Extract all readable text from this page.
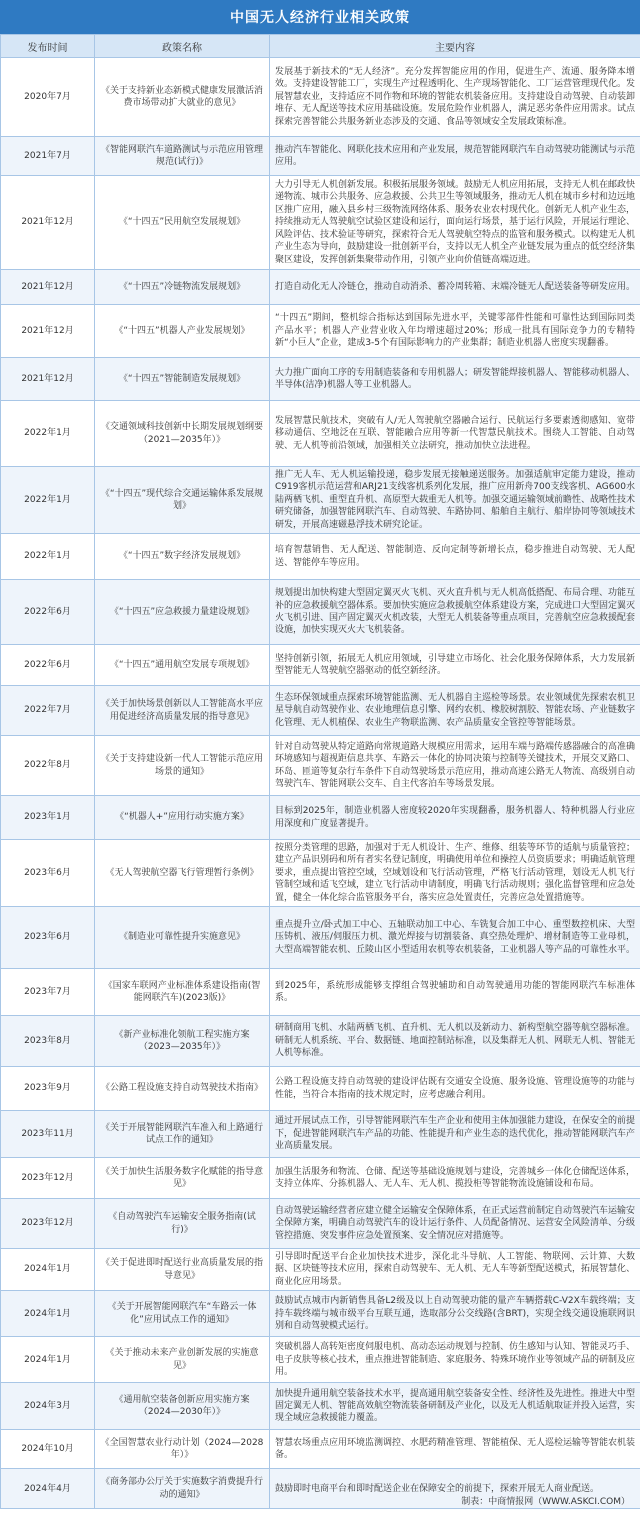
中国无人经济行业相关政策
发布时间	政策名称	主要内容
2020年7月	《关于支持新业态新模式健康发展激活消费市场带动扩大就业的意见》	发展基于新技术的“无人经济”。充分发挥智能应用的作用，促进生产、流通、服务降本增效。支持建设智能工厂，实现生产过程透明化、生产现场智能化、工厂运营管理现代化。发展智慧农业，支持适应不同作物和环境的智能农机装备应用。支持建设自动驾驶、自动装卸堆存、无人配送等技术应用基础设施。发展危险作业机器人，满足恶劣条件应用需求。试点探索完善智能公共服务新业态涉及的交通、食品等领域安全发展政策标准。
2021年7月	《智能网联汽车道路测试与示范应用管理规范(试行)》	推动汽车智能化、网联化技术应用和产业发展，规范智能网联汽车自动驾驶功能测试与示范应用。
2021年12月	《“十四五”民用航空发展规划》	大力引导无人机创新发展。积极拓展服务领域。鼓励无人机应用拓展，支持无人机在邮政快递物流、城市公共服务、应急救援、公共卫生等领域服务，推动无人机在城市乡村和边远地区推广应用，融入县乡村三级物流网络体系、服务农业农村现代化。创新无人机产业生态，持续推动无人驾驶航空试验区建设和运行，面向运行场景，基于运行风险，开展运行理论、风险评估、技术验证等研究，探索符合无人驾驶航空特点的监管和服务模式。以构建无人机产业生态为导向，鼓励建设一批创新平台，支持以无人机全产业链发展为重点的低空经济集聚区建设，发挥创新集聚带动作用，引领产业向价值链高端迈进。
2021年12月	《“十四五”冷链物流发展规划》	打造自动化无人冷链仓，推动自动消杀、蓄冷周转箱、末端冷链无人配送装备等研发应用。
2021年12月	《“十四五”机器人产业发展规划》	“十四五”期间，整机综合指标达到国际先进水平，关键零部件性能和可靠性达到国际同类产品水平；机器人产业营业收入年均增速超过20%；形成一批具有国际竞争力的专精特新“小巨人”企业，建成3-5个有国际影响力的产业集群；制造业机器人密度实现翻番。
2021年12月	《“十四五”智能制造发展规划》	大力推广面向工序的专用制造装备和专用机器人；研发智能焊接机器人、智能移动机器人、半导体(洁净)机器人等工业机器人。
2022年1月	《交通领域科技创新中长期发展规划纲要（2021—2035年）》	发展智慧民航技术，突破有人/无人驾驶航空器融合运行、民航运行多要素透彻感知、宽带移动通信、空地泛在互联、智能融合应用等新一代智慧民航技术。围绕人工智能、自动驾驶、无人机等前沿领域，加强相关立法研究，推动加快立法进程。
2022年1月	《“十四五”现代综合交通运输体系发展规划》	推广无人车、无人机运输投递，稳步发展无接触递送服务。加强适航审定能力建设，推动C919客机示范运营和ARJ21支线客机系列化发展，推广应用新舟700支线客机、AG600水陆两栖飞机、重型直升机、高原型大载重无人机等。加强交通运输领域前瞻性、战略性技术研究储备，加强智能网联汽车、自动驾驶、车路协同、船舶自主航行、船岸协同等领域技术研发，开展高速磁悬浮技术研究论证。
2022年1月	《“十四五”数字经济发展规划》	培育智慧销售、无人配送、智能制造、反向定制等新增长点，稳步推进自动驾驶、无人配送、智能停车等应用。
2022年6月	《“十四五”应急救援力量建设规划》	规划提出加快构建大型固定翼灭火飞机、灭火直升机与无人机高低搭配、布局合理、功能互补的应急救援航空器体系。要加快实施应急救援航空体系建设方案，完成进口大型固定翼灭火飞机引进、国产固定翼灭火机改装，大型无人机装备等重点项目，完善航空应急救援配套设施，加快实现灭火大飞机装备。
2022年6月	《“十四五”通用航空发展专项规划》	坚持创新引领，拓展无人机应用领域，引导建立市场化、社会化服务保障体系，大力发展新型智能无人驾驶航空器驱动的低空新经济。
2022年7月	《关于加快场景创新以人工智能高水平应用促进经济高质量发展的指导意见》	生态环保领域重点探索环境智能监测、无人机器自主巡检等场景。农业领域优先探索农机卫星导航自动驾驶作业、农业地理信息引擎、网约农机、橡胶树割胶、智能农场、产业链数字化管理、无人机植保、农业生产物联监测、农产品质量安全管控等智能场景。
2022年8月	《关于支持建设新一代人工智能示范应用场景的通知》	针对自动驾驶从特定道路向常规道路大规模应用需求，运用车端与路端传感器融合的高准确环境感知与超视距信息共享、车路云一体化的协同决策与控制等关键技术，开展交叉路口、环岛、匝道等复杂行车条件下自动驾驶场景示范应用，推动高速公路无人物流、高级别自动驾驶汽车、智能网联公交车、自主代客泊车等场景发展。
2023年1月	《“机器人+”应用行动实施方案》	目标到2025年，制造业机器人密度较2020年实现翻番，服务机器人、特种机器人行业应用深度和广度显著提升。
2023年6月	《无人驾驶航空器飞行管理暂行条例》	按照分类管理的思路，加强对于无人机设计、生产、维修、组装等环节的适航与质量管控；建立产品识别码和所有者实名登记制度，明确使用单位和操控人员资质要求；明确适航管理要求，重点提出管控空域，空域划设和飞行活动管理，严格飞行活动管理，划设无人机飞行管制空域和适飞空域，建立飞行活动申请制度，明确飞行活动规则；强化监督管理和应急处置，健全一体化综合监管服务平台，落实应急处置责任，完善应急处置措施等。
2023年6月	《制造业可靠性提升实施意见》	重点提升立/卧式加工中心、五轴联动加工中心、车铣复合加工中心、重型数控机床、大型压铸机、液压/伺服压力机、激光焊接与切割装备、真空热处理炉、增材制造等工业母机，大型高端智能农机、丘陵山区小型适用农机等农机装备，工业机器人等产品的可靠性水平。
2023年7月	《国家车联网产业标准体系建设指南(智能网联汽车)(2023版)》	到2025年，系统形成能够支撑组合驾驶辅助和自动驾驶通用功能的智能网联汽车标准体系。
2023年8月	《新产业标准化领航工程实施方案（2023—2035年）》	研制商用飞机、水陆两栖飞机、直升机、无人机以及新动力、新构型航空器等航空器标准。研制无人机系统、平台、数据链、地面控制站标准，以及集群无人机、网联无人机、智能无人机等标准。
2023年9月	《公路工程设施支持自动驾驶技术指南》	公路工程设施支持自动驾驶的建设评估既有交通安全设施、服务设施、管理设施等的功能与性能，当符合本指南的技术规定时，应考虑融合利用。
2023年11月	《关于开展智能网联汽车准入和上路通行试点工作的通知》	通过开展试点工作，引导智能网联汽车生产企业和使用主体加强能力建设，在保安全的前提下，促进智能网联汽车产品的功能、性能提升和产业生态的迭代优化，推动智能网联汽车产业高质量发展。
2023年12月	《关于加快生活服务数字化赋能的指导意见》	加强生活服务和物流、仓储、配送等基础设施规划与建设，完善城乡一体化仓储配送体系，支持立体库、分拣机器人、无人车、无人机、揽投柜等智能物流设施铺设和布局。
2023年12月	《自动驾驶汽车运输安全服务指南(试行)》	自动驾驶运输经营者应建立健全运输安全保障体系，在正式运营前制定自动驾驶汽车运输安全保障方案，明确自动驾驶汽车的设计运行条件、人员配备情况、运营安全风险清单、分级管控措施、突发事件应急处置预案、安全情况应对措施等。
2024年1月	《关于促进即时配送行业高质量发展的指导意见》	引导即时配送平台企业加快技术进步，深化北斗导航、人工智能、物联网、云计算、大数据、区块链等技术应用，探索自动驾驶车、无人机、无人车等新型配送模式，拓展智慧化、商业化应用场景。
2024年1月	《关于开展智能网联汽车“车路云一体化”应用试点工作的通知》	鼓励试点城市内新销售具备L2级及以上自动驾驶功能的量产车辆搭载C-V2X车载终端；支持车载终端与城市级平台互联互通，选取部分公交线路(含BRT)，实现全线交通设施联网识别和自动驾驶模式运行。
2024年1月	《关于推动未来产业创新发展的实施意见》	突破机器人高转矩密度伺服电机、高动态运动规划与控制、仿生感知与认知、智能灵巧手、电子皮肤等核心技术，重点推进智能制造、家庭服务、特殊环境作业等领域产品的研制及应用。
2024年3月	《通用航空装备创新应用实施方案（2024—2030年）》	加快提升通用航空装备技术水平，提高通用航空装备安全性、经济性及先进性。推进大中型固定翼无人机、智能高效航空物流装备研制及产业化，以及无人机适航取证并投入运营，实现全域应急救援能力覆盖。
2024年10月	《全国智慧农业行动计划（2024—2028年）》	智慧农场重点应用环境监测调控、水肥药精准管理、智能植保、无人巡检运输等智能农机装备。
2024年4月	《商务部办公厅关于实施数字消费提升行动的通知》	鼓励即时电商平台和即时配送企业在保障安全的前提下，探索开展无人商业配送。
制表：中商情报网（WWW.ASKCI.COM）
